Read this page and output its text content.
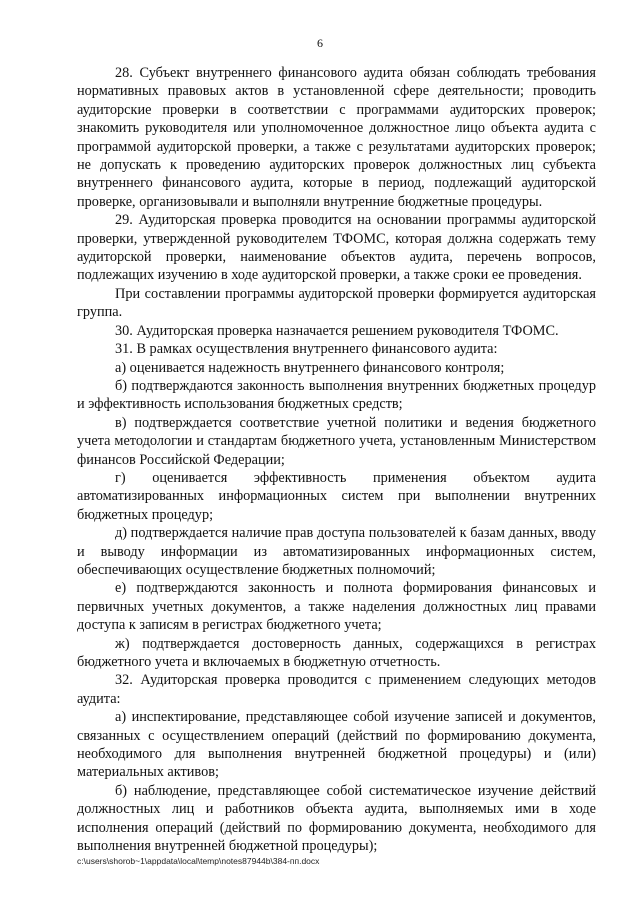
6

28. Субъект внутреннего финансового аудита обязан соблюдать требования нормативных правовых актов в установленной сфере деятельности; проводить аудиторские проверки в соответствии с программами аудиторских проверок; знакомить руководителя или уполномоченное должностное лицо объекта аудита с программой аудиторской проверки, а также с результатами аудиторских проверок; не допускать к проведению аудиторских проверок должностных лиц субъекта внутреннего финансового аудита, которые в период, подлежащий аудиторской проверке, организовывали и выполняли внутренние бюджетные процедуры.

29. Аудиторская проверка проводится на основании программы аудиторской проверки, утвержденной руководителем ТФОМС, которая должна содержать тему аудиторской проверки, наименование объектов аудита, перечень вопросов, подлежащих изучению в ходе аудиторской проверки, а также сроки ее проведения.

При составлении программы аудиторской проверки формируется аудиторская группа.

30. Аудиторская проверка назначается решением руководителя ТФОМС.

31. В рамках осуществления внутреннего финансового аудита:

а) оценивается надежность внутреннего финансового контроля;

б) подтверждаются законность выполнения внутренних бюджетных процедур и эффективность использования бюджетных средств;

в) подтверждается соответствие учетной политики и ведения бюджетного учета методологии и стандартам бюджетного учета, установленным Министерством финансов Российской Федерации;

г) оценивается эффективность применения объектом аудита автоматизированных информационных систем при выполнении внутренних бюджетных процедур;

д) подтверждается наличие прав доступа пользователей к базам данных, вводу и выводу информации из автоматизированных информационных систем, обеспечивающих осуществление бюджетных полномочий;

е) подтверждаются законность и полнота формирования финансовых и первичных учетных документов, а также наделения должностных лиц правами доступа к записям в регистрах бюджетного учета;

ж) подтверждается достоверность данных, содержащихся в регистрах бюджетного учета и включаемых в бюджетную отчетность.

32. Аудиторская проверка проводится с применением следующих методов аудита:

а) инспектирование, представляющее собой изучение записей и документов, связанных с осуществлением операций (действий по формированию документа, необходимого для выполнения внутренней бюджетной процедуры) и (или) материальных активов;

б) наблюдение, представляющее собой систематическое изучение действий должностных лиц и работников объекта аудита, выполняемых ими в ходе исполнения операций (действий по формированию документа, необходимого для выполнения внутренней бюджетной процедуры);

c:\users\shorob~1\appdata\local\temp\notes87944b\384-пп.docx
